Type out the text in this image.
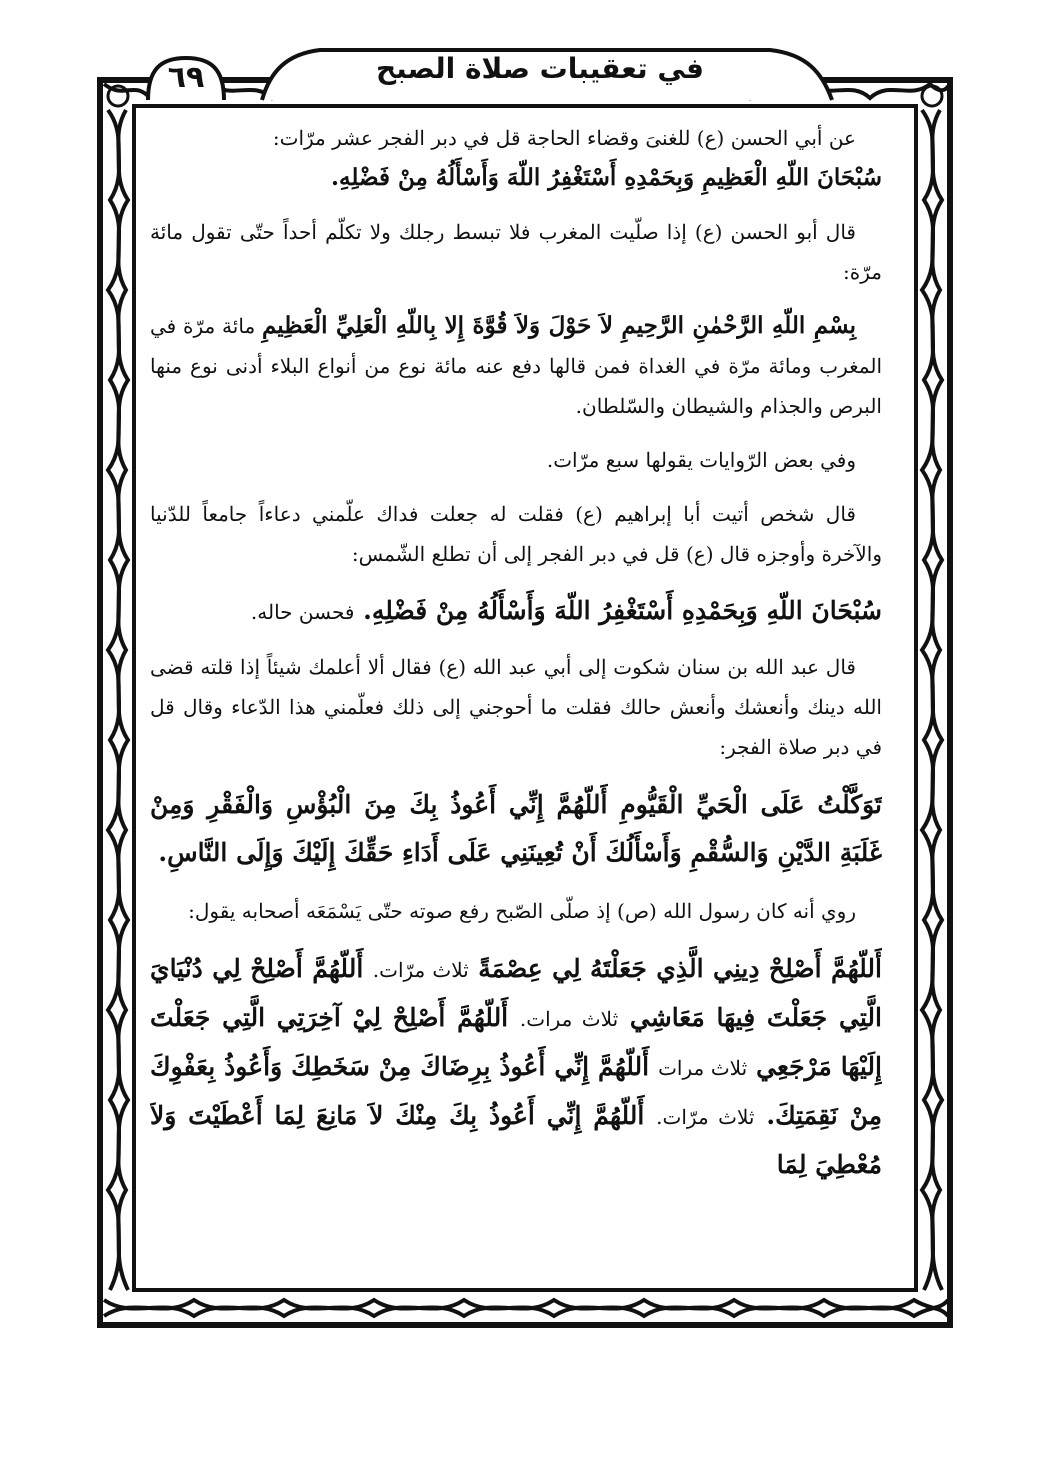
٦٩	في تعقيبات صلاة الصبح

عن أبي الحسن (ع) للغنىَ وقضاء الحاجة قل في دبر الفجر عشر مرّات:
سُبْحَانَ اللّهِ الْعَظِيمِ وَبِحَمْدِهِ أَسْتَغْفِرُ اللّهَ وَأَسْأَلُهُ مِنْ فَضْلِهِ.

قال أبو الحسن (ع) إذا صلّيت المغرب فلا تبسط رجلك ولا تكلّم أحداً حتّى تقول مائة مرّة:

بِسْمِ اللّهِ الرَّحْمٰنِ الرَّحِيمِ لاَ حَوْلَ وَلاَ قُوَّةَ إِلا بِاللّهِ الْعَلِيِّ الْعَظِيمِ مائة مرّة في المغرب ومائة مرّة في الغداة فمن قالها دفع عنه مائة نوع من أنواع البلاء أدنى نوع منها البرص والجذام والشيطان والسّلطان.

وفي بعض الرّوايات يقولها سبع مرّات.

قال شخص أتيت أبا إبراهيم (ع) فقلت له جعلت فداك علّمني دعاءاً جامعاً للدّنيا والآخرة وأوجزه قال (ع) قل في دبر الفجر إلى أن تطلع الشّمس:

سُبْحَانَ اللّهِ وَبِحَمْدِهِ أَسْتَغْفِرُ اللّهَ وَأَسْأَلُهُ مِنْ فَضْلِهِ. فحسن حاله.

قال عبد الله بن سنان شكوت إلى أبي عبد الله (ع) فقال ألا أعلمك شيئاً إذا قلته قضى الله دينك وأنعشك وأنعش حالك فقلت ما أحوجني إلى ذلك فعلّمني هذا الدّعاء وقال قل في دبر صلاة الفجر:

تَوَكَّلْتُ عَلَى الْحَيِّ الْقَيُّومِ أَللّهُمَّ إِنِّي أَعُوذُ بِكَ مِنَ الْبُؤْسِ وَالْفَقْرِ وَمِنْ غَلَبَةِ الدَّيْنِ وَالسُّقْمِ وَأَسْأَلُكَ أَنْ تُعِينَنِي عَلَى أَدَاءِ حَقِّكَ إِلَيْكَ وَإِلَى النَّاسِ.

روي أنه كان رسول الله (ص) إذ صلّى الصّبح رفع صوته حتّى يَسْمَعَه أصحابه يقول:

أَللّهُمَّ أَصْلِحْ دِينِي الَّذِي جَعَلْتَهُ لِي عِصْمَةً ثلاث مرّات. أَللّهُمَّ أَصْلِحْ لِي دُنْيَايَ الَّتِي جَعَلْتَ فِيهَا مَعَاشِي ثلاث مرات. أَللّهُمَّ أَصْلِحْ لِيْ آخِرَتِي الَّتِي جَعَلْتَ إِلَيْهَا مَرْجَعِي ثلاث مرات أَللّهُمَّ إِنِّي أَعُوذُ بِرِضَاكَ مِنْ سَخَطِكَ وَأَعُوذُ بِعَفْوِكَ مِنْ نَقِمَتِكَ. ثلاث مرّات. أَللّهُمَّ إِنِّي أَعُوذُ بِكَ مِنْكَ لاَ مَانِعَ لِمَا أَعْطَيْتَ وَلاَ مُعْطِيَ لِمَا
